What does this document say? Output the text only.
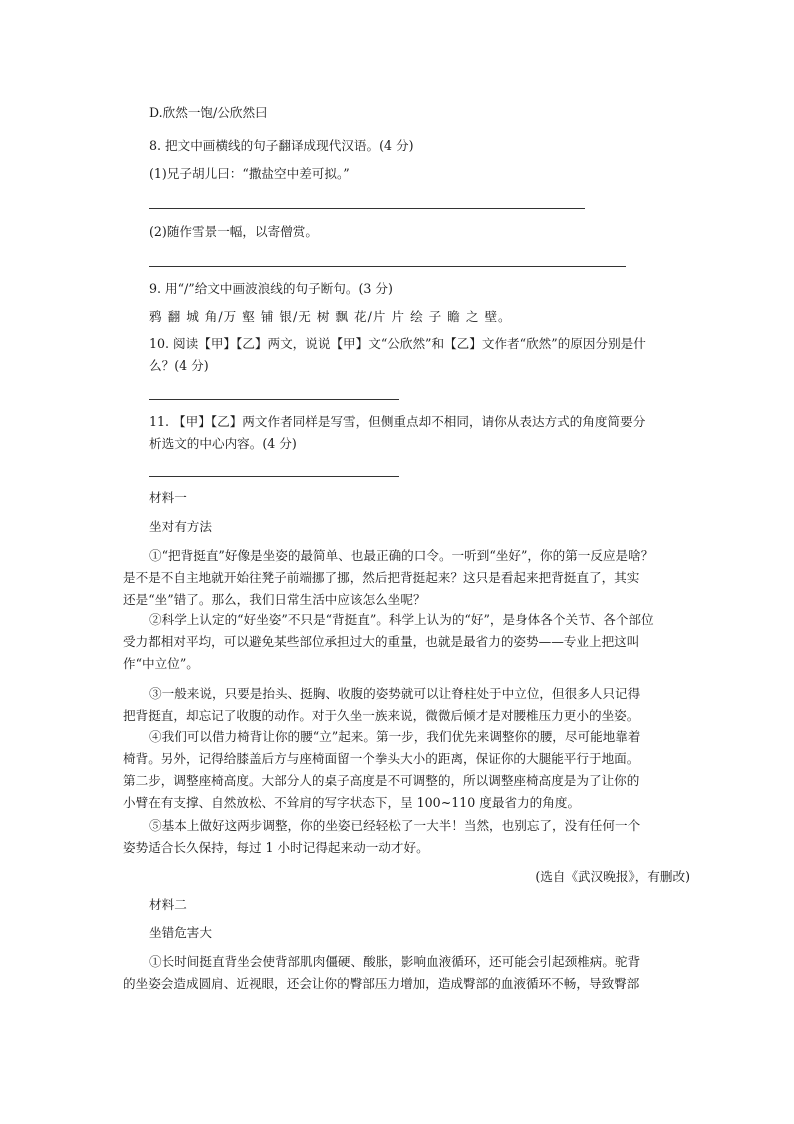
D.欣然一饱/公欣然曰
8. 把文中画横线的句子翻译成现代汉语。(4 分)
(1)兄子胡儿曰：“撒盐空中差可拟。”
(2)随作雪景一幅，以寄僧赏。
9. 用“/”给文中画波浪线的句子断句。(3 分)
鸦 翻 城 角/万 壑 铺 银/无 树 飘 花/片 片 绘 子 瞻 之 壁。
10. 阅读【甲】【乙】两文，说说【甲】文“公欣然”和【乙】文作者“欣然”的原因分别是什
么？(4 分)
11. 【甲】【乙】两文作者同样是写雪，但侧重点却不相同，请你从表达方式的角度简要分
析选文的中心内容。(4 分)
材料一
坐对有方法
①“把背挺直”好像是坐姿的最简单、也最正确的口令。一听到“坐好”，你的第一反应是啥？
是不是不自主地就开始往凳子前端挪了挪，然后把背挺起来？这只是看起来把背挺直了，其实
还是“坐”错了。那么，我们日常生活中应该怎么坐呢？
②科学上认定的“好坐姿”不只是“背挺直”。科学上认为的“好”，是身体各个关节、各个部位
受力都相对平均，可以避免某些部位承担过大的重量，也就是最省力的姿势——专业上把这叫
作“中立位”。
③一般来说，只要是抬头、挺胸、收腹的姿势就可以让脊柱处于中立位，但很多人只记得
把背挺直，却忘记了收腹的动作。对于久坐一族来说，微微后倾才是对腰椎压力更小的坐姿。
④我们可以借力椅背让你的腰“立”起来。第一步，我们优先来调整你的腰，尽可能地靠着
椅背。另外，记得给膝盖后方与座椅面留一个拳头大小的距离，保证你的大腿能平行于地面。
第二步，调整座椅高度。大部分人的桌子高度是不可调整的，所以调整座椅高度是为了让你的
小臂在有支撑、自然放松、不耸肩的写字状态下，呈 100~110 度最省力的角度。
⑤基本上做好这两步调整，你的坐姿已经轻松了一大半！当然，也别忘了，没有任何一个
姿势适合长久保持，每过 1 小时记得起来动一动才好。
(选自《武汉晚报》，有删改)
材料二
坐错危害大
①长时间挺直背坐会使背部肌肉僵硬、酸胀，影响血液循环，还可能会引起颈椎病。驼背
的坐姿会造成圆肩、近视眼，还会让你的臀部压力增加，造成臀部的血液循环不畅，导致臀部
